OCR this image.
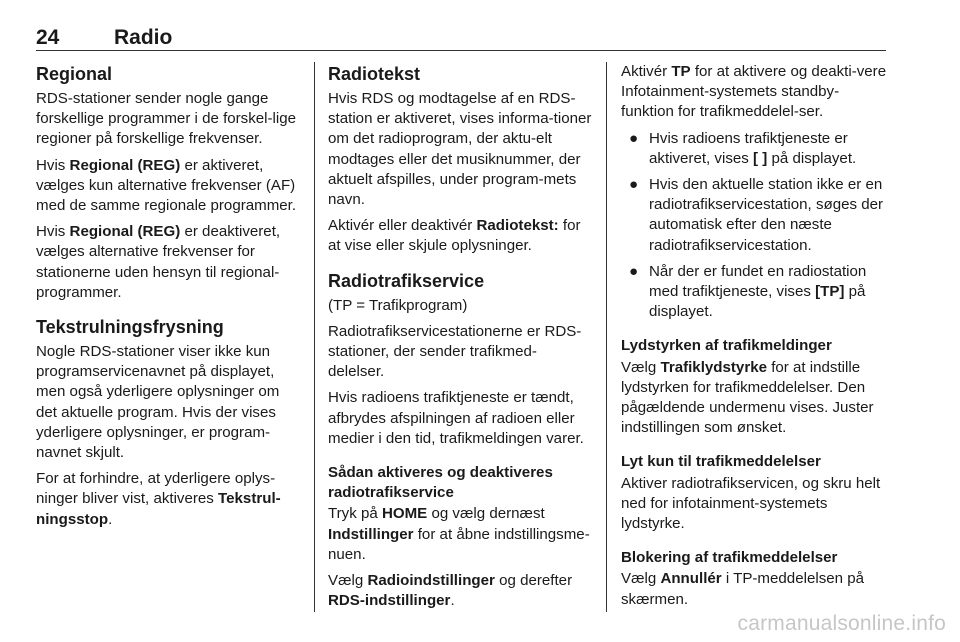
24	Radio
Regional

RDS-stationer sender nogle gange forskellige programmer i de forskel-lige regioner på forskellige frekvenser.

Hvis Regional (REG) er aktiveret, vælges kun alternative frekvenser (AF) med de samme regionale programmer.

Hvis Regional (REG) er deaktiveret, vælges alternative frekvenser for stationerne uden hensyn til regional-programmer.

Tekstrulningsfrysning

Nogle RDS-stationer viser ikke kun programservicenavnet på displayet, men også yderligere oplysninger om det aktuelle program. Hvis der vises yderligere oplysninger, er program-navnet skjult.

For at forhindre, at yderligere oplys-ninger bliver vist, aktiveres Tekstrul-ningsstop.

Radiotekst

Hvis RDS og modtagelse af en RDS-station er aktiveret, vises informa-tioner om det radioprogram, der aktu-elt modtages eller det musiknummer, der aktuelt afspilles, under program-mets navn.

Aktivér eller deaktivér Radiotekst: for at vise eller skjule oplysninger.

Radiotrafikservice

(TP = Trafikprogram)

Radiotrafikservicestationerne er RDS-stationer, der sender trafikmed-delelser.

Hvis radioens trafiktjeneste er tændt, afbrydes afspilningen af radioen eller medier i den tid, trafikmeldingen varer.

Sådan aktiveres og deaktiveres radiotrafikservice

Tryk på HOME og vælg dernæst Indstillinger for at åbne indstillingsme-nuen.

Vælg Radioindstillinger og derefter RDS-indstillinger.

Aktivér TP for at aktivere og deakti-vere Infotainment-systemets standby-funktion for trafikmeddelel-ser.

● Hvis radioens trafiktjeneste er aktiveret, vises [ ] på displayet.
● Hvis den aktuelle station ikke er en radiotrafikservicestation, søges der automatisk efter den næste radiotrafikservicestation.
● Når der er fundet en radiostation med trafiktjeneste, vises [TP] på displayet.
Lydstyrken af trafikmeldinger

Vælg Trafiklydstyrke for at indstille lydstyrken for trafikmeddelelser. Den pågældende undermenu vises. Juster indstillingen som ønsket.

Lyt kun til trafikmeddelelser

Aktiver radiotrafikservicen, og skru helt ned for infotainment-systemets lydstyrke.

Blokering af trafikmeddelelser

Vælg Annullér i TP-meddelelsen på skærmen.

carmanualsonline.info
